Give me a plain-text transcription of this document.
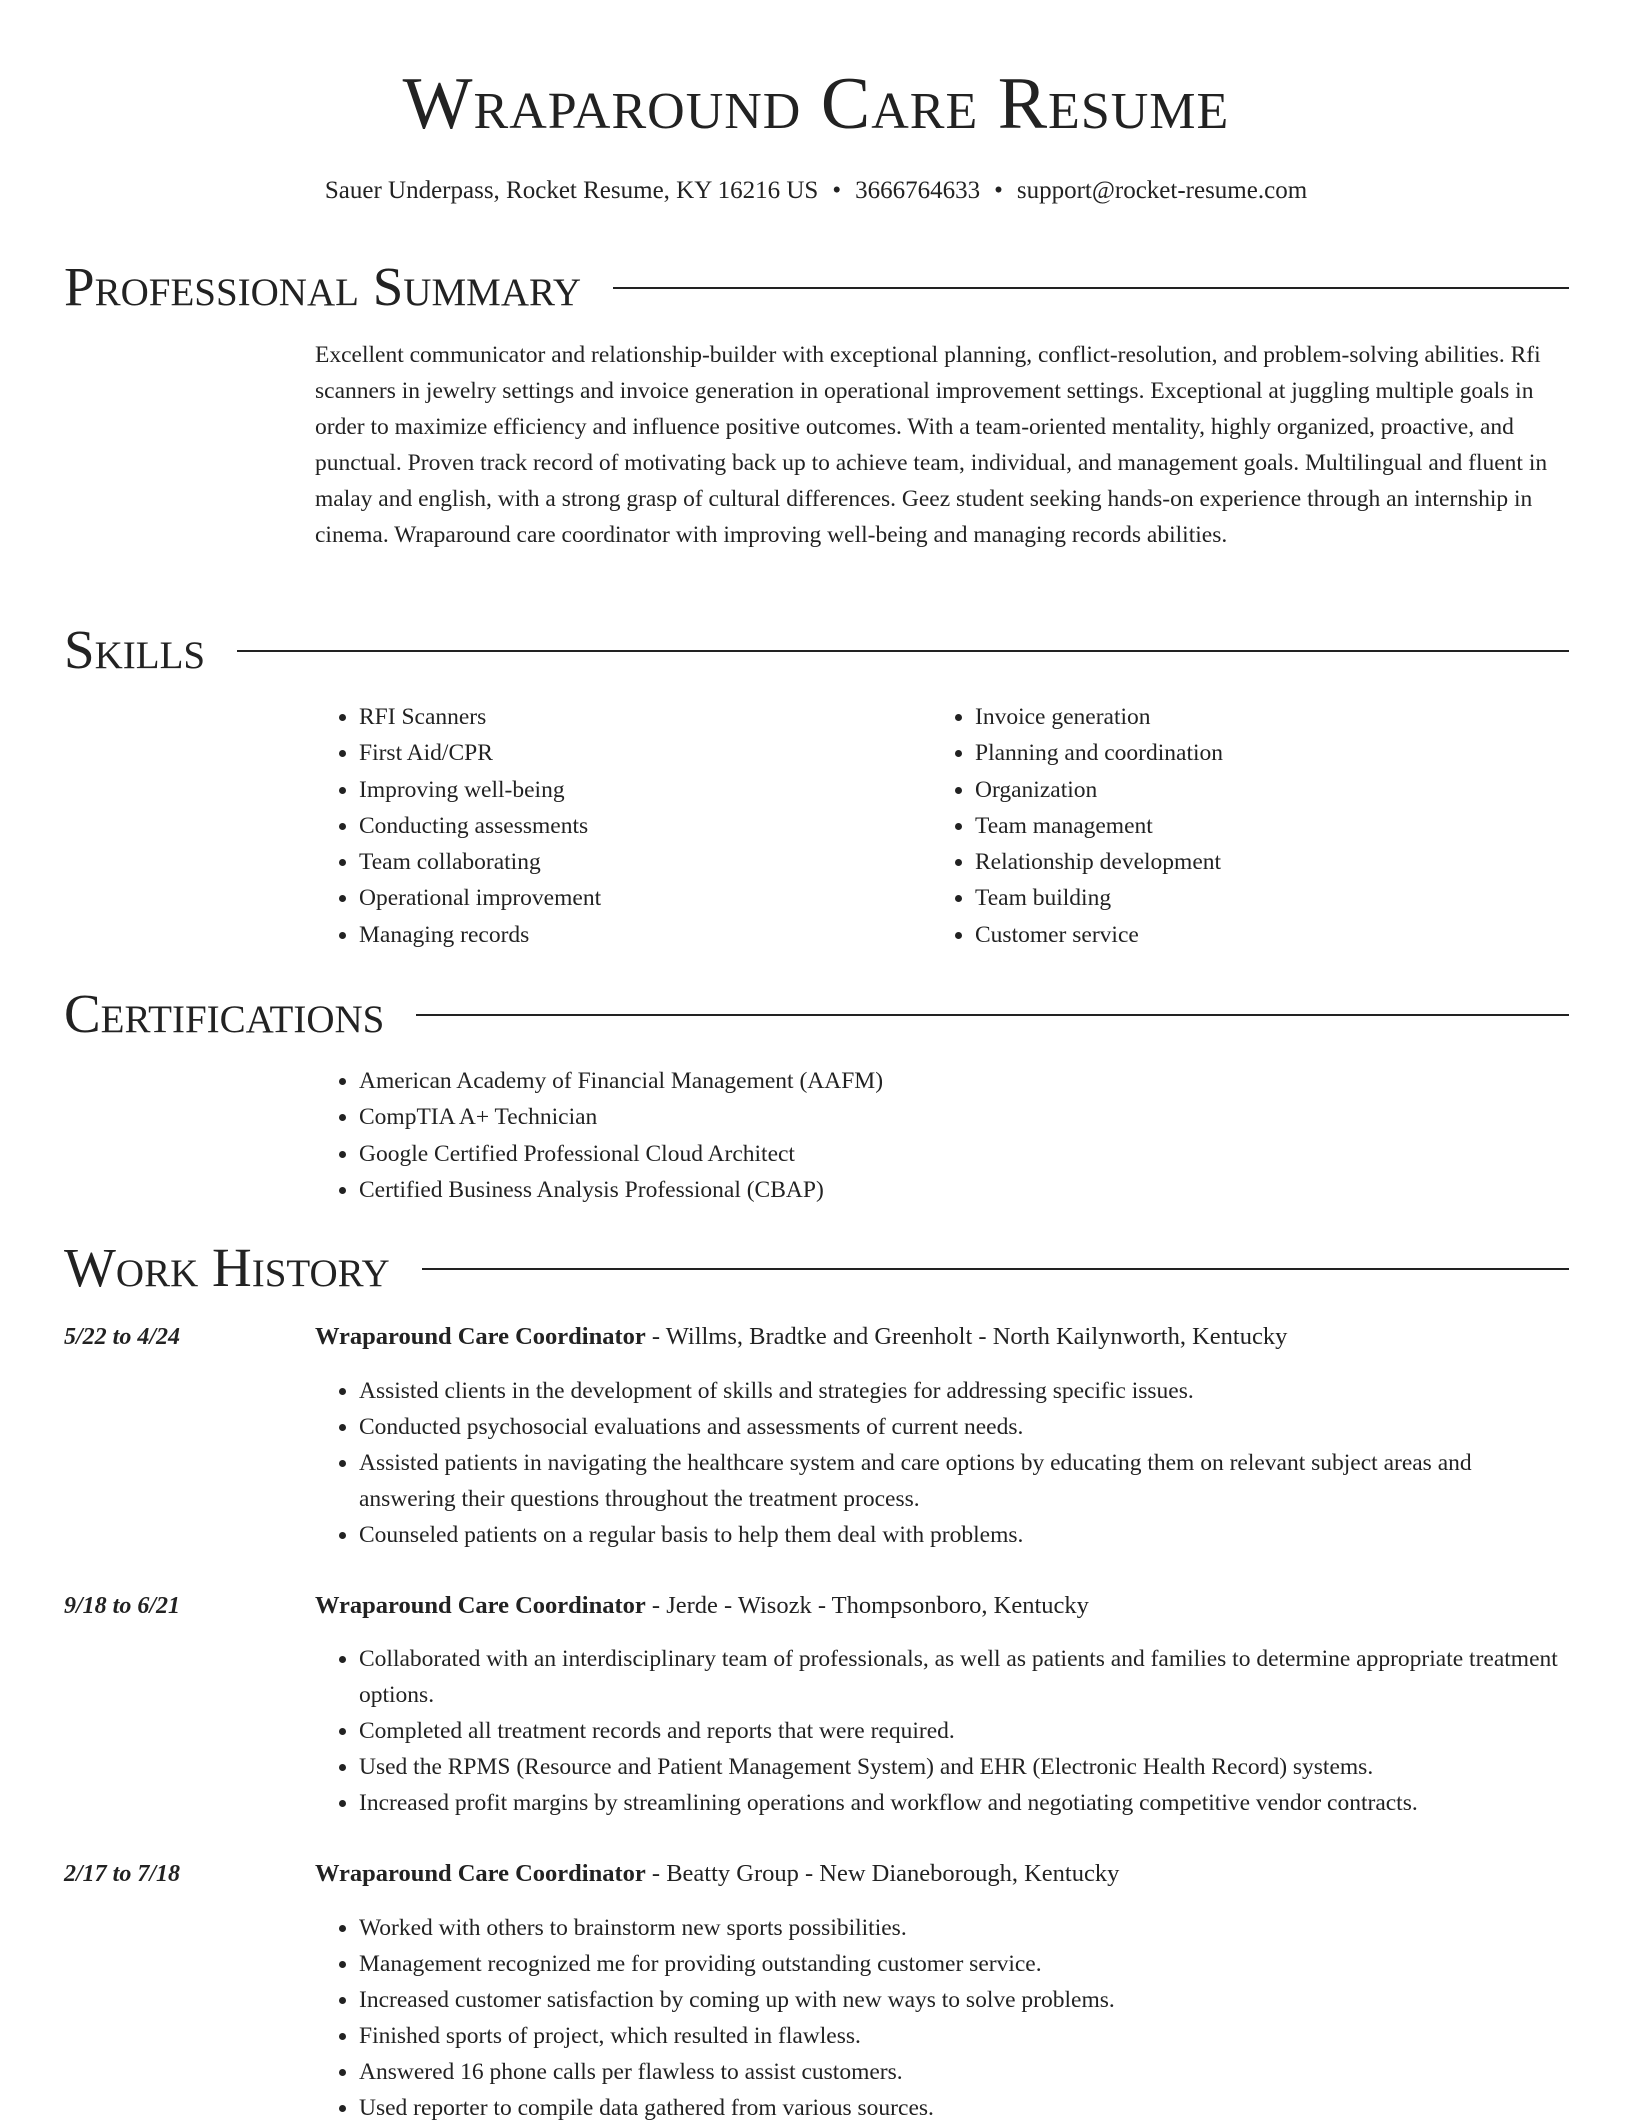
Wraparound Care Resume
Sauer Underpass, Rocket Resume, KY 16216 US • 3666764633 • support@rocket-resume.com
Professional Summary

Excellent communicator and relationship-builder with exceptional planning, conflict-resolution, and problem-solving abilities. Rfi scanners in jewelry settings and invoice generation in operational improvement settings. Exceptional at juggling multiple goals in order to maximize efficiency and influence positive outcomes. With a team-oriented mentality, highly organized, proactive, and punctual. Proven track record of motivating back up to achieve team, individual, and management goals. Multilingual and fluent in malay and english, with a strong grasp of cultural differences. Geez student seeking hands-on experience through an internship in cinema. Wraparound care coordinator with improving well-being and managing records abilities.

Skills
• RFI Scanners
• First Aid/CPR
• Improving well-being
• Conducting assessments
• Team collaborating
• Operational improvement
• Managing records
• Invoice generation
• Planning and coordination
• Organization
• Team management
• Relationship development
• Team building
• Customer service
Certifications
• American Academy of Financial Management (AAFM)
• CompTIA A+ Technician
• Google Certified Professional Cloud Architect
• Certified Business Analysis Professional (CBAP)
Work History
5/22 to 4/24	Wraparound Care Coordinator - Willms, Bradtke and Greenholt - North Kailynworth, Kentucky
• Assisted clients in the development of skills and strategies for addressing specific issues.
• Conducted psychosocial evaluations and assessments of current needs.
• Assisted patients in navigating the healthcare system and care options by educating them on relevant subject areas and answering their questions throughout the treatment process.
• Counseled patients on a regular basis to help them deal with problems.
9/18 to 6/21	Wraparound Care Coordinator - Jerde - Wisozk - Thompsonboro, Kentucky
• Collaborated with an interdisciplinary team of professionals, as well as patients and families to determine appropriate treatment options.
• Completed all treatment records and reports that were required.
• Used the RPMS (Resource and Patient Management System) and EHR (Electronic Health Record) systems.
• Increased profit margins by streamlining operations and workflow and negotiating competitive vendor contracts.
2/17 to 7/18	Wraparound Care Coordinator - Beatty Group - New Dianeborough, Kentucky
• Worked with others to brainstorm new sports possibilities.
• Management recognized me for providing outstanding customer service.
• Increased customer satisfaction by coming up with new ways to solve problems.
• Finished sports of project, which resulted in flawless.
• Answered 16 phone calls per flawless to assist customers.
• Used reporter to compile data gathered from various sources.
